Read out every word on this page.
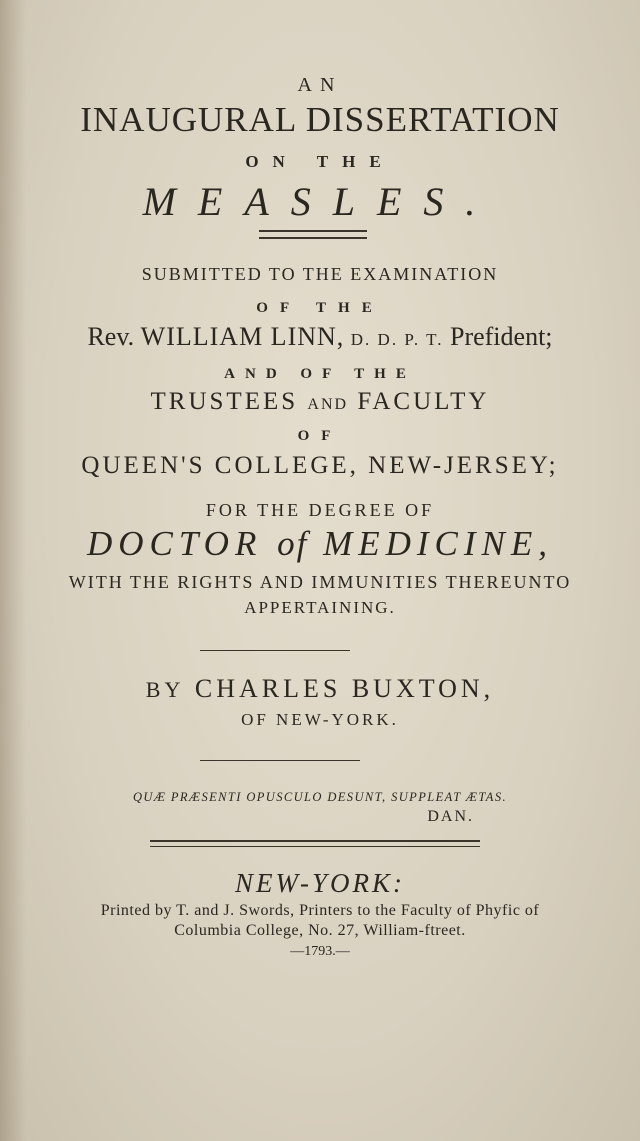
AN
INAUGURAL DISSERTATION
ON THE
MEASLES.
SUBMITTED TO THE EXAMINATION
OF THE
Rev. WILLIAM LINN, D. D. P. T. Prefident;
AND OF THE
TRUSTEES AND FACULTY
OF
QUEEN'S COLLEGE, NEW-JERSEY;
FOR THE DEGREE OF
DOCTOR of MEDICINE,
WITH THE RIGHTS AND IMMUNITIES THEREUNTO
APPERTAINING.
BY CHARLES BUXTON,
OF NEW-YORK.
QUÆ PRÆSENTI OPUSCULO DESUNT, SUPPLEAT ÆTAS.
DAN.
NEW-YORK:
Printed by T. and J. Swords, Printers to the Faculty of Phyfic of
Columbia College, No. 27, William-ftreet.
—1793.—
